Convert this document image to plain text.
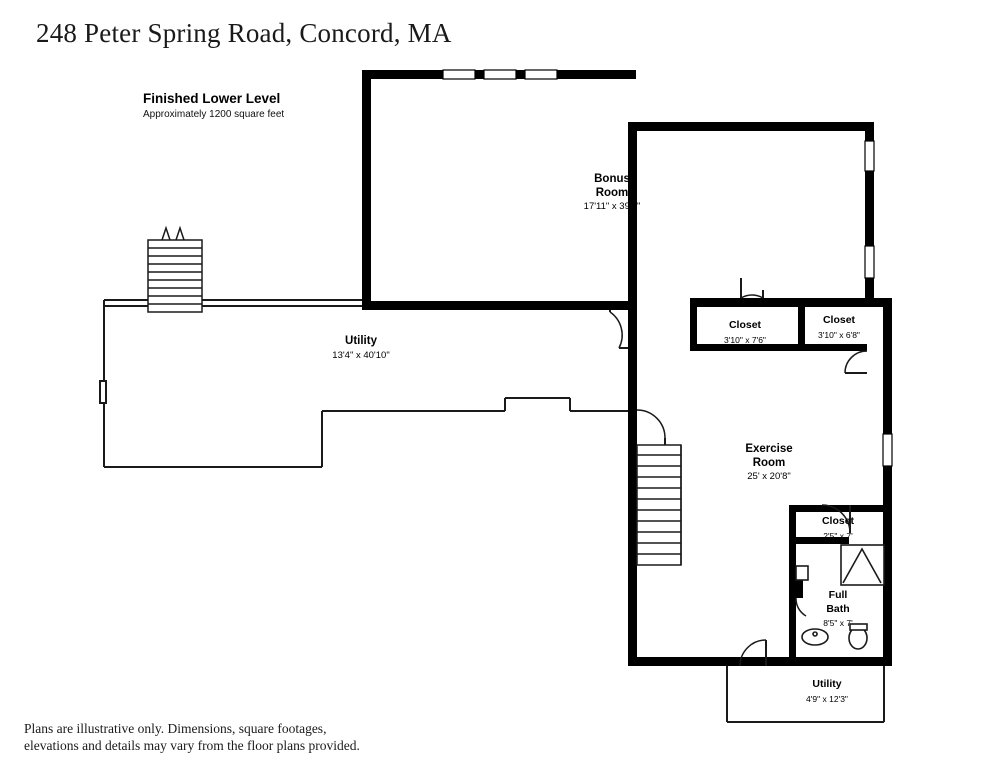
248 Peter Spring Road, Concord, MA
Finished Lower Level
Approximately 1200 square feet
Bonus
Room
17'11" x 39'5"
Utility
13'4" x 40'10"
Closet
3'10" x 7'6"
Closet
3'10" x 6'8"
Exercise
Room
25' x 20'8"
Closet
2'5" x 7'
Full
Bath
8'5" x 7'
Utility
4'9" x 12'3"
Plans are illustrative only. Dimensions, square footages,
elevations and details may vary from the floor plans provided.
